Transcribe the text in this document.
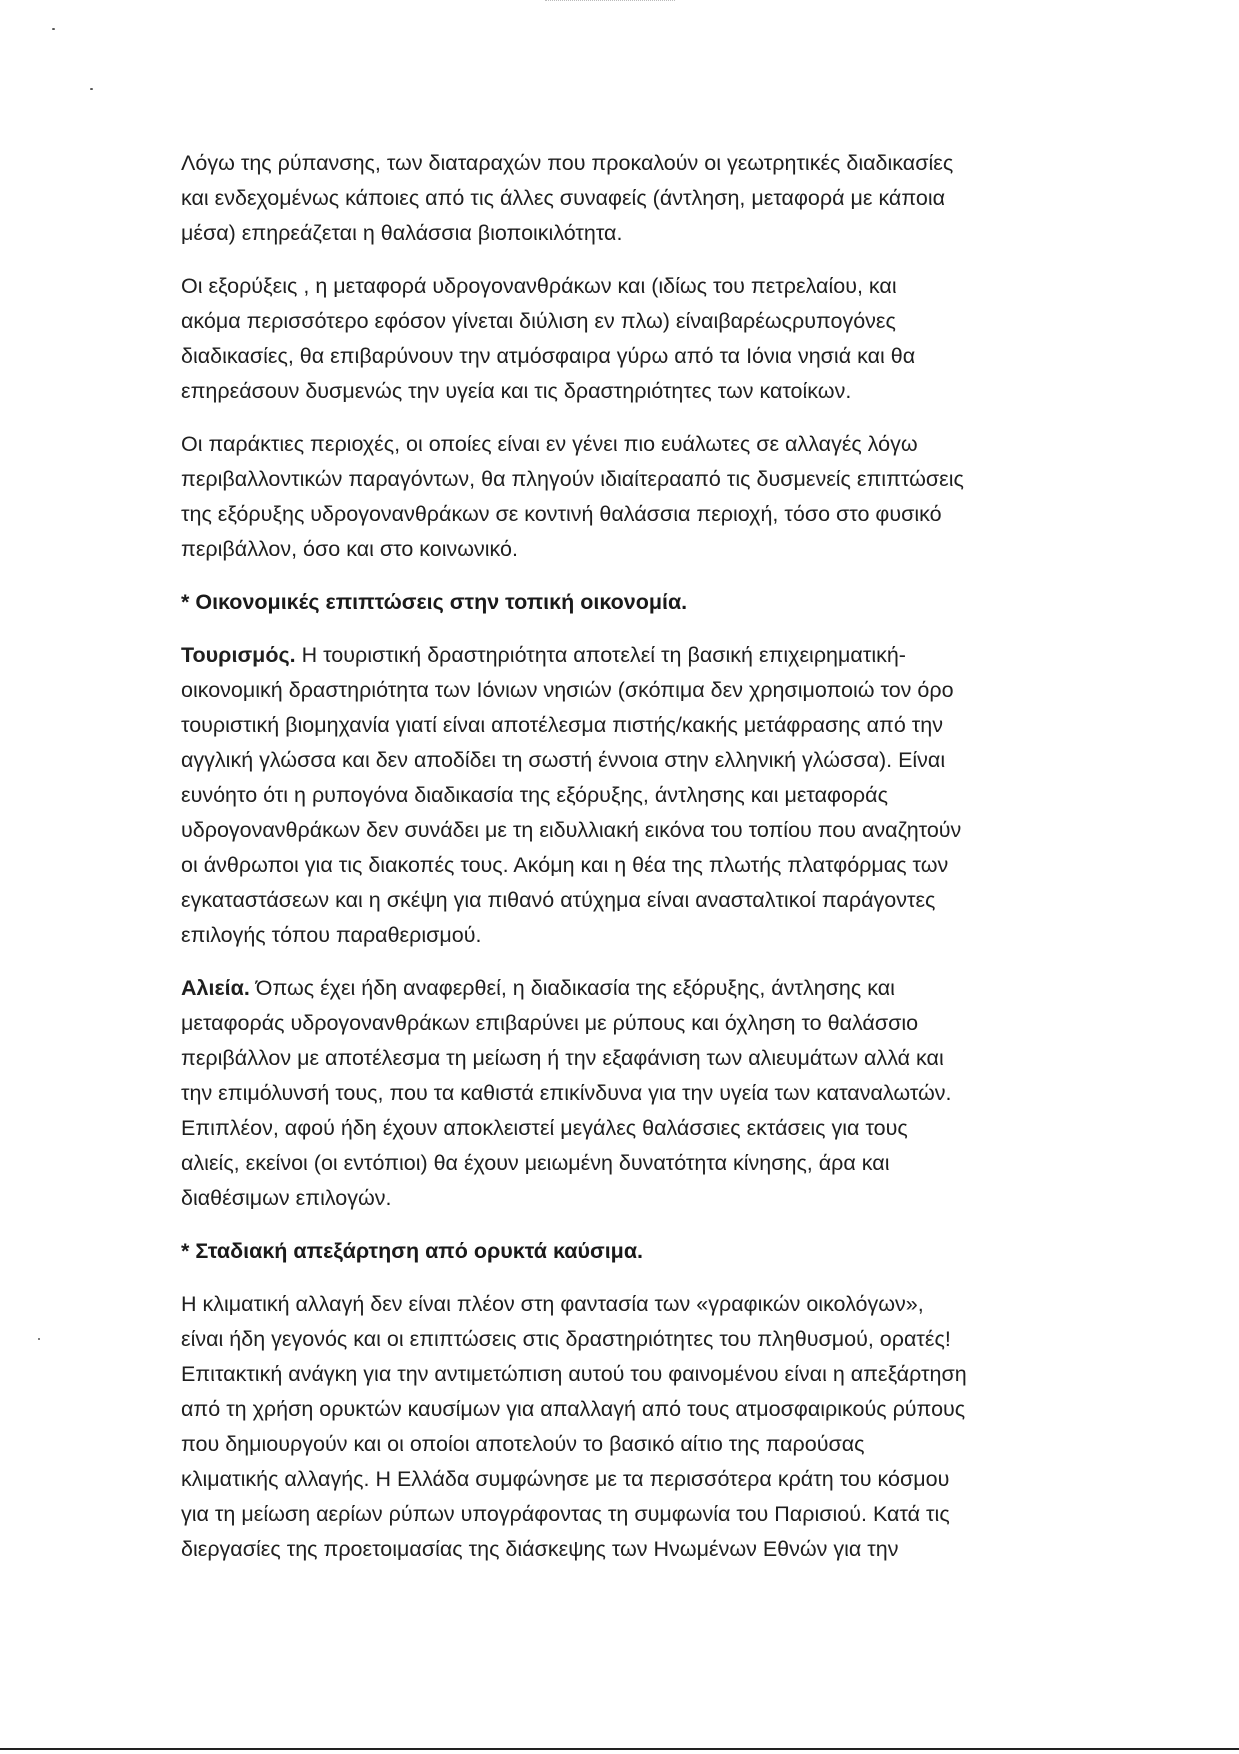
Λόγω της ρύπανσης, των διαταραχών που προκαλούν οι γεωτρητικές διαδικασίες
και ενδεχομένως κάποιες από τις άλλες συναφείς (άντληση, μεταφορά με κάποια
μέσα) επηρεάζεται η θαλάσσια βιοποικιλότητα.

Οι εξορύξεις , η μεταφορά υδρογονανθράκων και (ιδίως του πετρελαίου, και
ακόμα περισσότερο εφόσον γίνεται διύλιση εν πλω) είναιβαρέωςρυπογόνες
διαδικασίες, θα επιβαρύνουν την ατμόσφαιρα γύρω από τα Ιόνια νησιά και θα
επηρεάσουν δυσμενώς την υγεία και τις δραστηριότητες των κατοίκων.

Οι παράκτιες περιοχές, οι οποίες είναι εν γένει πιο ευάλωτες σε αλλαγές λόγω
περιβαλλοντικών παραγόντων, θα πληγούν ιδιαίτερααπό τις δυσμενείς επιπτώσεις
της εξόρυξης υδρογονανθράκων σε κοντινή θαλάσσια περιοχή, τόσο στο φυσικό
περιβάλλον, όσο και στο κοινωνικό.

* Οικονομικές επιπτώσεις στην τοπική οικονομία.

Τουρισμός. Η τουριστική δραστηριότητα αποτελεί τη βασική επιχειρηματική-
οικονομική δραστηριότητα των Ιόνιων νησιών (σκόπιμα δεν χρησιμοποιώ τον όρο
τουριστική βιομηχανία γιατί είναι αποτέλεσμα πιστής/κακής μετάφρασης από την
αγγλική γλώσσα και δεν αποδίδει τη σωστή έννοια στην ελληνική γλώσσα). Είναι
ευνόητο ότι η ρυπογόνα διαδικασία της εξόρυξης, άντλησης και μεταφοράς
υδρογονανθράκων δεν συνάδει με τη ειδυλλιακή εικόνα του τοπίου που αναζητούν
οι άνθρωποι για τις διακοπές τους. Ακόμη και η θέα της πλωτής πλατφόρμας των
εγκαταστάσεων και η σκέψη για πιθανό ατύχημα είναι ανασταλτικοί παράγοντες
επιλογής τόπου παραθερισμού.

Αλιεία. Όπως έχει ήδη αναφερθεί, η διαδικασία της εξόρυξης, άντλησης και
μεταφοράς υδρογονανθράκων επιβαρύνει με ρύπους και όχληση το θαλάσσιο
περιβάλλον με αποτέλεσμα τη μείωση ή την εξαφάνιση των αλιευμάτων αλλά και
την επιμόλυνσή τους, που τα καθιστά επικίνδυνα για την υγεία των καταναλωτών.
Επιπλέον, αφού ήδη έχουν αποκλειστεί μεγάλες θαλάσσιες εκτάσεις για τους
αλιείς, εκείνοι (οι εντόπιοι) θα έχουν μειωμένη δυνατότητα κίνησης, άρα και
διαθέσιμων επιλογών.

* Σταδιακή απεξάρτηση από ορυκτά καύσιμα.

Η κλιματική αλλαγή δεν είναι πλέον στη φαντασία των «γραφικών οικολόγων»,
είναι ήδη γεγονός και οι επιπτώσεις στις δραστηριότητες του πληθυσμού, ορατές!
Επιτακτική ανάγκη για την αντιμετώπιση αυτού του φαινομένου είναι η απεξάρτηση
από τη χρήση ορυκτών καυσίμων για απαλλαγή από τους ατμοσφαιρικούς ρύπους
που δημιουργούν και οι οποίοι αποτελούν το βασικό αίτιο της παρούσας
κλιματικής αλλαγής. Η Ελλάδα συμφώνησε με τα περισσότερα κράτη του κόσμου
για τη μείωση αερίων ρύπων υπογράφοντας τη συμφωνία του Παρισιού. Κατά τις
διεργασίες της προετοιμασίας της διάσκεψης των Ηνωμένων Εθνών για την
